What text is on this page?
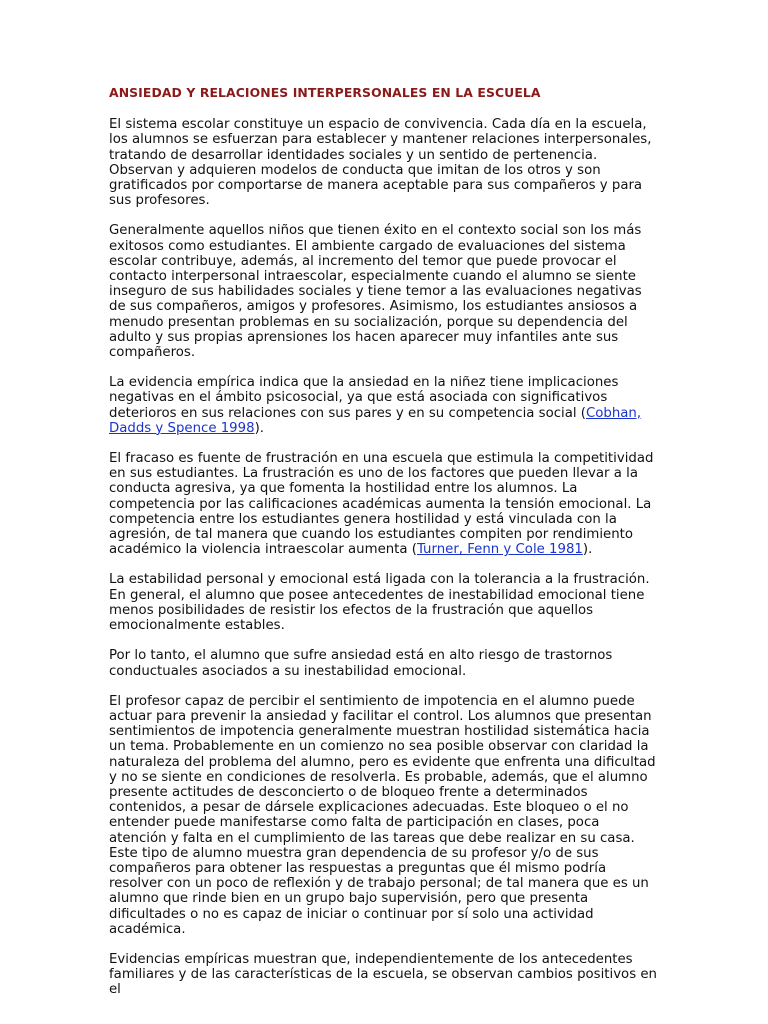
ANSIEDAD Y RELACIONES INTERPERSONALES EN LA ESCUELA

El sistema escolar constituye un espacio de convivencia. Cada día en la escuela, los alumnos se esfuerzan para establecer y mantener relaciones interpersonales, tratando de desarrollar identidades sociales y un sentido de pertenencia. Observan y adquieren modelos de conducta que imitan de los otros y son gratificados por comportarse de manera aceptable para sus compañeros y para sus profesores.

Generalmente aquellos niños que tienen éxito en el contexto social son los más exitosos como estudiantes. El ambiente cargado de evaluaciones del sistema escolar contribuye, además, al incremento del temor que puede provocar el contacto interpersonal intraescolar, especialmente cuando el alumno se siente inseguro de sus habilidades sociales y tiene temor a las evaluaciones negativas de sus compañeros, amigos y profesores. Asimismo, los estudiantes ansiosos a menudo presentan problemas en su socialización, porque su dependencia del adulto y sus propias aprensiones los hacen aparecer muy infantiles ante sus compañeros.

La evidencia empírica indica que la ansiedad en la niñez tiene implicaciones negativas en el ámbito psicosocial, ya que está asociada con significativos deterioros en sus relaciones con sus pares y en su competencia social (Cobhan, Dadds y Spence 1998).

El fracaso es fuente de frustración en una escuela que estimula la competitividad en sus estudiantes. La frustración es uno de los factores que pueden llevar a la conducta agresiva, ya que fomenta la hostilidad entre los alumnos. La competencia por las calificaciones académicas aumenta la tensión emocional. La competencia entre los estudiantes genera hostilidad y está vinculada con la agresión, de tal manera que cuando los estudiantes compiten por rendimiento académico la violencia intraescolar aumenta (Turner, Fenn y Cole 1981).

La estabilidad personal y emocional está ligada con la tolerancia a la frustración. En general, el alumno que posee antecedentes de inestabilidad emocional tiene menos posibilidades de resistir los efectos de la frustración que aquellos emocionalmente estables.

Por lo tanto, el alumno que sufre ansiedad está en alto riesgo de trastornos conductuales asociados a su inestabilidad emocional.

El profesor capaz de percibir el sentimiento de impotencia en el alumno puede actuar para prevenir la ansiedad y facilitar el control. Los alumnos que presentan sentimientos de impotencia generalmente muestran hostilidad sistemática hacia un tema. Probablemente en un comienzo no sea posible observar con claridad la naturaleza del problema del alumno, pero es evidente que enfrenta una dificultad y no se siente en condiciones de resolverla. Es probable, además, que el alumno presente actitudes de desconcierto o de bloqueo frente a determinados contenidos, a pesar de dársele explicaciones adecuadas. Este bloqueo o el no entender puede manifestarse como falta de participación en clases, poca atención y falta en el cumplimiento de las tareas que debe realizar en su casa. Este tipo de alumno muestra gran dependencia de su profesor y/o de sus compañeros para obtener las respuestas a preguntas que él mismo podría resolver con un poco de reflexión y de trabajo personal; de tal manera que es un alumno que rinde bien en un grupo bajo supervisión, pero que presenta dificultades o no es capaz de iniciar o continuar por sí solo una actividad académica.

Evidencias empíricas muestran que, independientemente de los antecedentes familiares y de las características de la escuela, se observan cambios positivos en el
